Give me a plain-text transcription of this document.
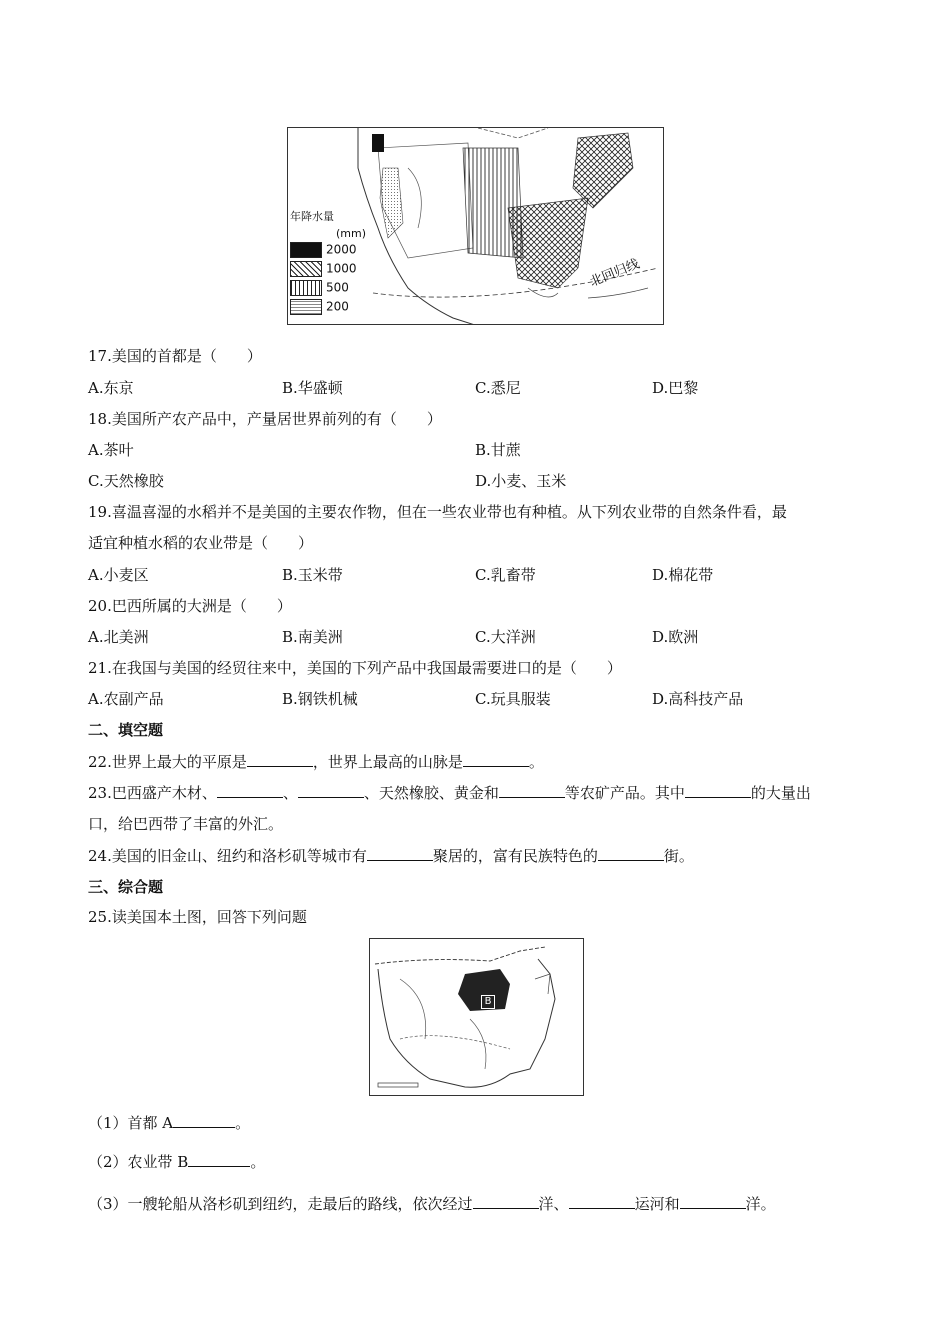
年降水量
(mm)
2000
1000
500
200
北回归线
17.美国的首都是（　　）
A.东京	B.华盛顿	C.悉尼	D.巴黎
18.美国所产农产品中，产量居世界前列的有（　　）
A.茶叶	B.甘蔗
C.天然橡胶	D.小麦、玉米
19.喜温喜湿的水稻并不是美国的主要农作物，但在一些农业带也有种植。从下列农业带的自然条件看，最
适宜种植水稻的农业带是（　　）
A.小麦区	B.玉米带	C.乳畜带	D.棉花带
20.巴西所属的大洲是（　　）
A.北美洲	B.南美洲	C.大洋洲	D.欧洲
21.在我国与美国的经贸往来中，美国的下列产品中我国最需要进口的是（　　）
A.农副产品	B.钢铁机械	C.玩具服装	D.高科技产品
二、填空题
22.世界上最大的平原是	，世界上最高的山脉是	。
23.巴西盛产木材、	、	、天然橡胶、黄金和	等农矿产品。其中	的大量出
口，给巴西带了丰富的外汇。
24.美国的旧金山、纽约和洛杉矶等城市有	聚居的，富有民族特色的	街。
三、综合题
25.读美国本土图，回答下列问题
B
（1）首都 A	。
（2）农业带 B	。
（3）一艘轮船从洛杉矶到纽约，走最后的路线，依次经过	洋、	运河和	洋。
